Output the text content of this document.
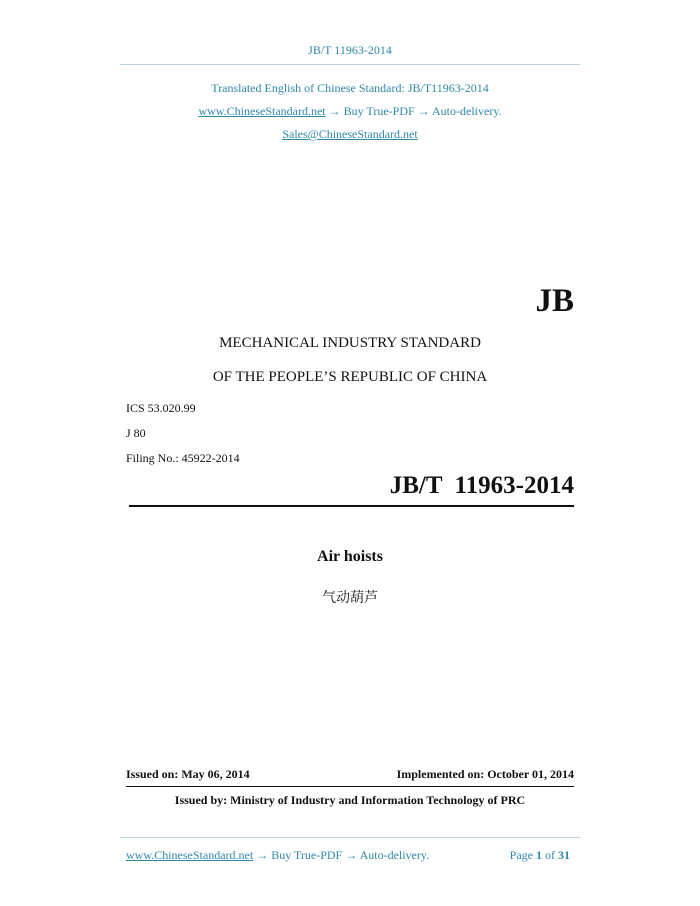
JB/T 11963-2014
Translated English of Chinese Standard: JB/T11963-2014
www.ChineseStandard.net → Buy True-PDF → Auto-delivery.
Sales@ChineseStandard.net
JB
MECHANICAL INDUSTRY STANDARD
OF THE PEOPLE’S REPUBLIC OF CHINA
ICS 53.020.99
J 80
Filing No.: 45922-2014
JB/T  11963-2014
Air hoists
气动葫芦
Issued on: May 06, 2014	Implemented on: October 01, 2014
Issued by: Ministry of Industry and Information Technology of PRC
www.ChineseStandard.net → Buy True-PDF → Auto-delivery.	Page 1 of 31
